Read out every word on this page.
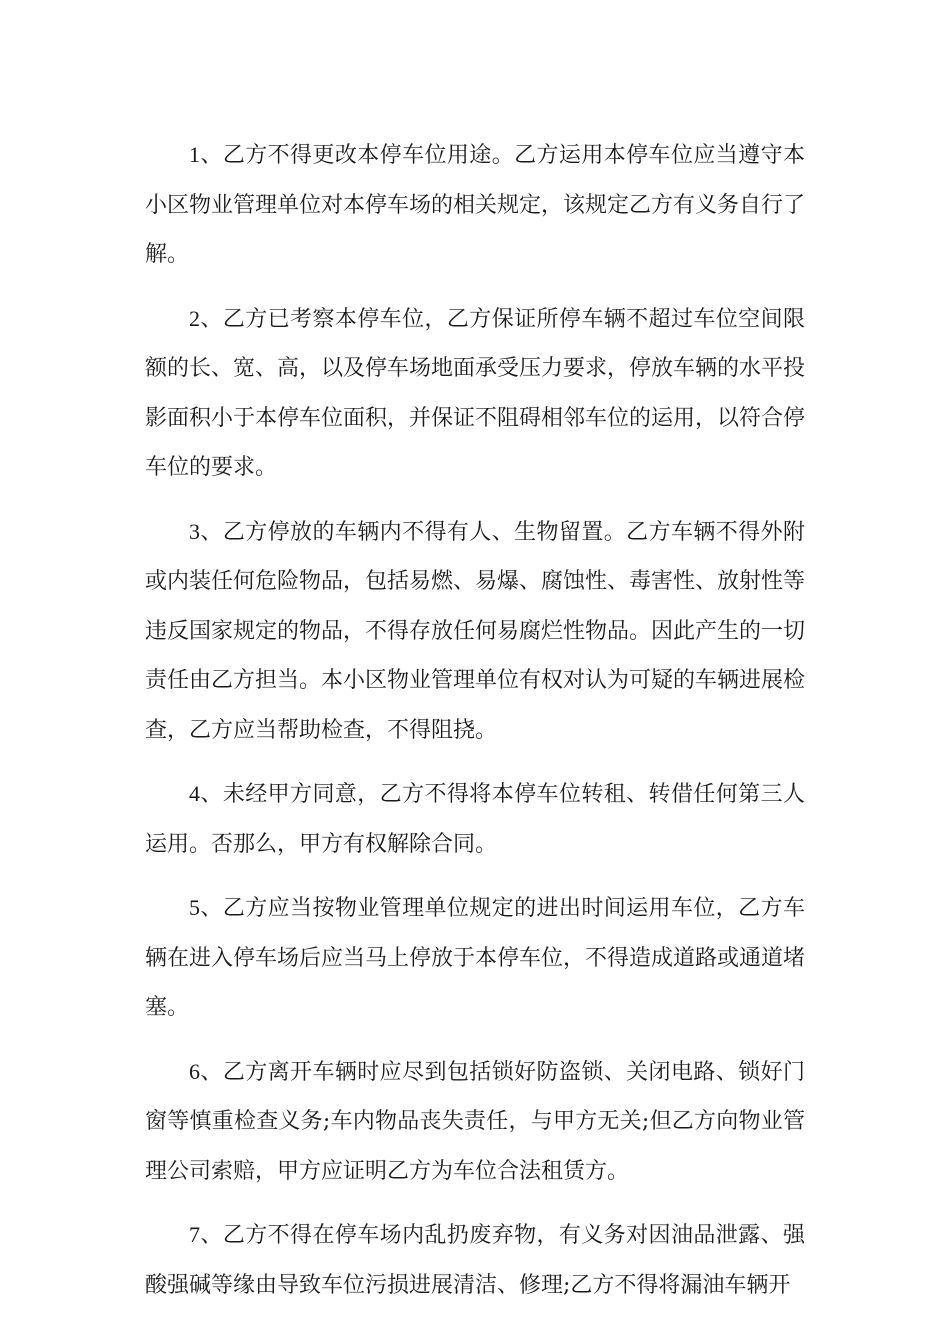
1、乙方不得更改本停车位用途。乙方运用本停车位应当遵守本小区物业管理单位对本停车场的相关规定，该规定乙方有义务自行了解。

2、乙方已考察本停车位，乙方保证所停车辆不超过车位空间限额的长、宽、高，以及停车场地面承受压力要求，停放车辆的水平投影面积小于本停车位面积，并保证不阻碍相邻车位的运用，以符合停车位的要求。

3、乙方停放的车辆内不得有人、生物留置。乙方车辆不得外附或内装任何危险物品，包括易燃、易爆、腐蚀性、毒害性、放射性等违反国家规定的物品，不得存放任何易腐烂性物品。因此产生的一切责任由乙方担当。本小区物业管理单位有权对认为可疑的车辆进展检查，乙方应当帮助检查，不得阻挠。

4、未经甲方同意，乙方不得将本停车位转租、转借任何第三人运用。否那么，甲方有权解除合同。

5、乙方应当按物业管理单位规定的进出时间运用车位，乙方车辆在进入停车场后应当马上停放于本停车位，不得造成道路或通道堵塞。

6、乙方离开车辆时应尽到包括锁好防盗锁、关闭电路、锁好门窗等慎重检查义务;车内物品丧失责任，与甲方无关;但乙方向物业管理公司索赔，甲方应证明乙方为车位合法租赁方。

7、乙方不得在停车场内乱扔废弃物，有义务对因油品泄露、强酸强碱等缘由导致车位污损进展清洁、修理;乙方不得将漏油车辆开
